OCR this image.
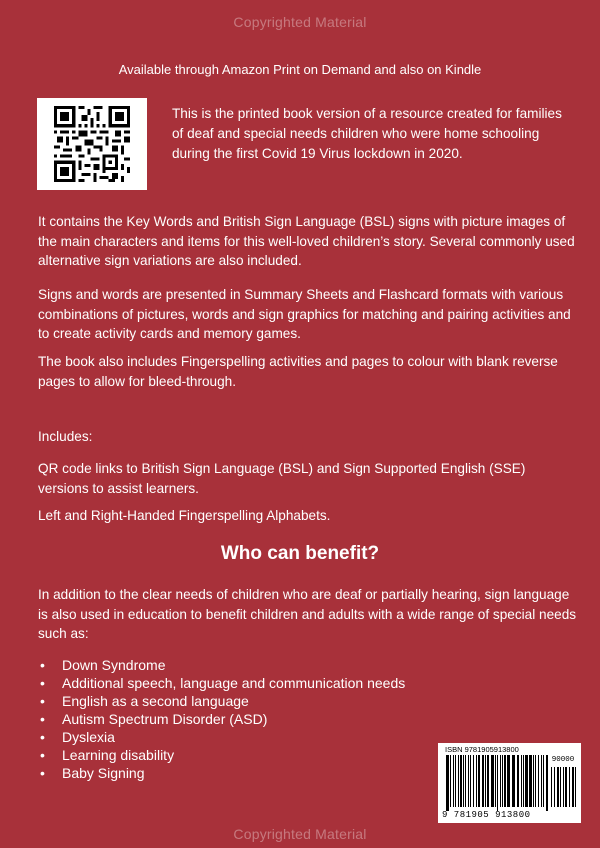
Copyrighted Material
Available through Amazon Print on Demand and also on Kindle

This is the printed book version of a resource created for families of deaf and special needs children who were home schooling during the first Covid 19 Virus lockdown in 2020.

It contains the Key Words and British Sign Language (BSL) signs with picture images of the main characters and items for this well-loved children’s story. Several commonly used alternative sign variations are also included.

Signs and words are presented in Summary Sheets and Flashcard formats with various combinations of pictures, words and sign graphics for matching and pairing activities and to create activity cards and memory games.

The book also includes Fingerspelling activities and pages to colour with blank reverse pages to allow for bleed-through.

Includes:

QR code links to British Sign Language (BSL) and Sign Supported English (SSE) versions to assist learners.

Left and Right-Handed Fingerspelling Alphabets.

Who can benefit?

In addition to the clear needs of children who are deaf or partially hearing, sign language is also used in education to benefit children and adults with a wide range of special needs such as:

• Down Syndrome
• Additional speech, language and communication needs
• English as a second language
• Autism Spectrum Disorder (ASD)
• Dyslexia
• Learning disability
• Baby Signing
ISBN 9781905913800
90000
9 781905 913800
Copyrighted Material
